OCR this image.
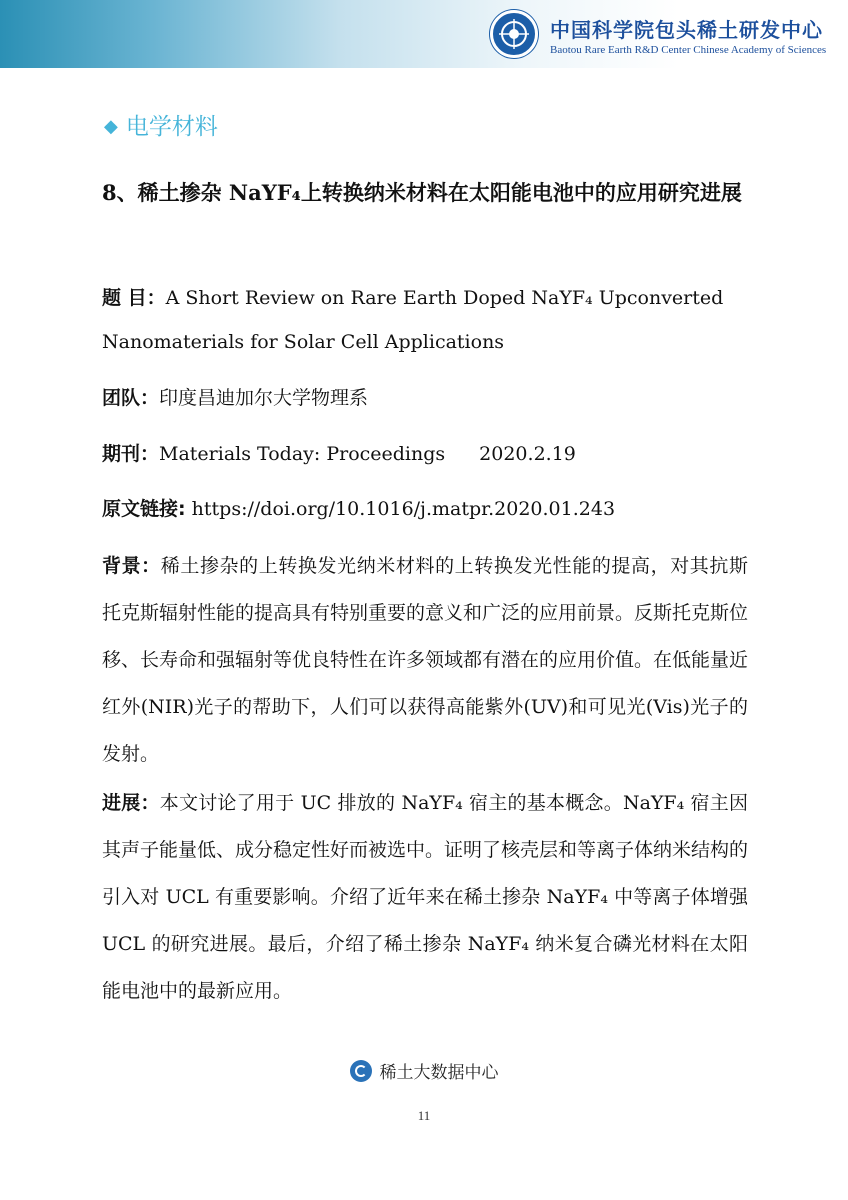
中国科学院包头稀土研发中心
Baotou Rare Earth R&D Center Chinese Academy of Sciences
◆ 电学材料
8、稀土掺杂 NaYF₄上转换纳米材料在太阳能电池中的应用研究进展
题 目：A Short Review on Rare Earth Doped NaYF₄ Upconverted Nanomaterials for Solar Cell Applications
团队：印度昌迪加尔大学物理系
期刊：Materials Today: Proceedings 2020.2.19
原文链接: https://doi.org/10.1016/j.matpr.2020.01.243
背景：稀土掺杂的上转换发光纳米材料的上转换发光性能的提高，对其抗斯托克斯辐射性能的提高具有特别重要的意义和广泛的应用前景。反斯托克斯位移、长寿命和强辐射等优良特性在许多领域都有潜在的应用价值。在低能量近红外(NIR)光子的帮助下，人们可以获得高能紫外(UV)和可见光(Vis)光子的发射。
进展：本文讨论了用于 UC 排放的 NaYF₄ 宿主的基本概念。NaYF₄ 宿主因其声子能量低、成分稳定性好而被选中。证明了核壳层和等离子体纳米结构的引入对 UCL 有重要影响。介绍了近年来在稀土掺杂 NaYF₄ 中等离子体增强 UCL 的研究进展。最后，介绍了稀土掺杂 NaYF₄ 纳米复合磷光材料在太阳能电池中的最新应用。
稀土大数据中心
11
